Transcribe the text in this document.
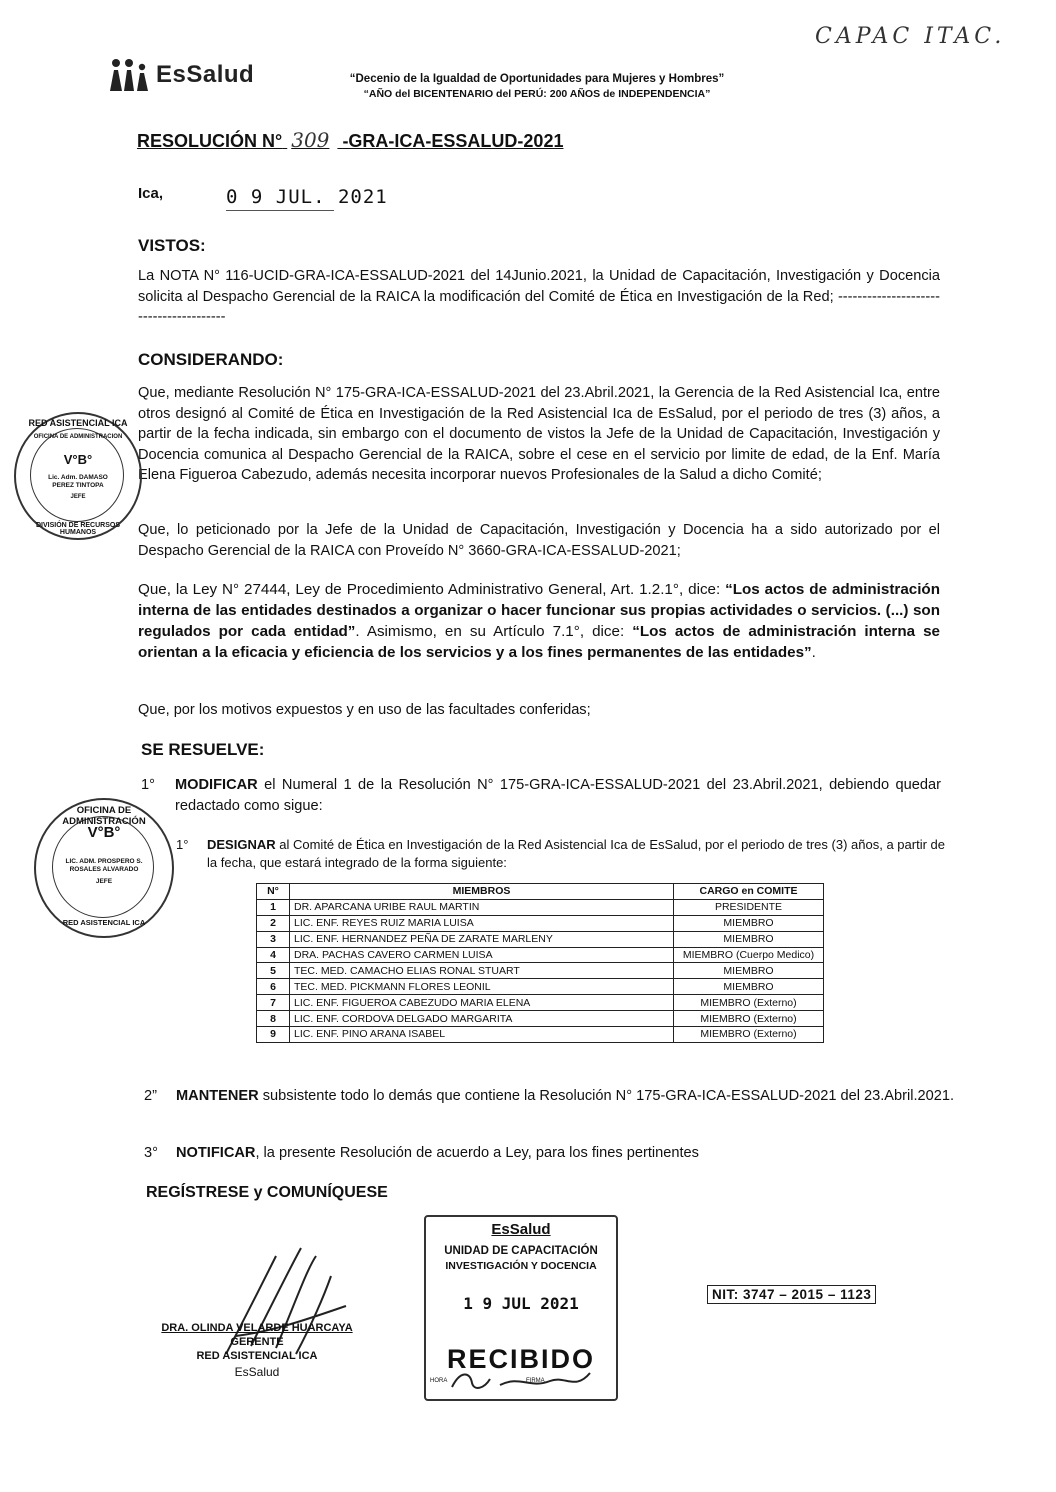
EsSalud	“Decenio de la Igualdad de Oportunidades para Mujeres y Hombres”
“AÑO del BICENTENARIO del PERÚ: 200 AÑOS de INDEPENDENCIA”
CAPAC ITAC.
RESOLUCIÓN N° 309 -GRA-ICA-ESSALUD-2021
Ica,	0 9 JUL. 2021
VISTOS:
La NOTA N° 116-UCID-GRA-ICA-ESSALUD-2021 del 14Junio.2021, la Unidad de Capacitación, Investigación y Docencia solicita al Despacho Gerencial de la RAICA la modificación del Comité de Ética en Investigación de la Red; ---------------------------------------
CONSIDERANDO:
Que, mediante Resolución N° 175-GRA-ICA-ESSALUD-2021 del 23.Abril.2021, la Gerencia de la Red Asistencial Ica, entre otros designó al Comité de Ética en Investigación de la Red Asistencial Ica de EsSalud, por el periodo de tres (3) años, a partir de la fecha indicada, sin embargo con el documento de vistos la Jefe de la Unidad de Capacitación, Investigación y Docencia comunica al Despacho Gerencial de la RAICA, sobre el cese en el servicio por limite de edad, de la Enf. María Elena Figueroa Cabezudo, además necesita incorporar nuevos Profesionales de la Salud a dicho Comité;
Que, lo peticionado por la Jefe de la Unidad de Capacitación, Investigación y Docencia ha a sido autorizado por el Despacho Gerencial de la RAICA con Proveído N° 3660-GRA-ICA-ESSALUD-2021;
Que, la Ley N° 27444, Ley de Procedimiento Administrativo General, Art. 1.2.1°, dice: “Los actos de administración interna de las entidades destinados a organizar o hacer funcionar sus propias actividades o servicios. (...) son regulados por cada entidad”. Asimismo, en su Artículo 7.1°, dice: “Los actos de administración interna se orientan a la eficacia y eficiencia de los servicios y a los fines permanentes de las entidades”.
Que, por los motivos expuestos y en uso de las facultades conferidas;
SE RESUELVE:
1°	MODIFICAR el Numeral 1 de la Resolución N° 175-GRA-ICA-ESSALUD-2021 del 23.Abril.2021, debiendo quedar redactado como sigue:
1°	DESIGNAR al Comité de Ética en Investigación de la Red Asistencial Ica de EsSalud, por el periodo de tres (3) años, a partir de la fecha, que estará integrado de la forma siguiente:
N°	MIEMBROS	CARGO en COMITE
1	DR. APARCANA URIBE RAUL MARTIN	PRESIDENTE
2	LIC. ENF. REYES RUIZ MARIA LUISA	MIEMBRO
3	LIC. ENF. HERNANDEZ PEÑA DE ZARATE MARLENY	MIEMBRO
4	DRA. PACHAS CAVERO CARMEN LUISA	MIEMBRO (Cuerpo Medico)
5	TEC. MED. CAMACHO ELIAS RONAL STUART	MIEMBRO
6	TEC. MED. PICKMANN FLORES LEONIL	MIEMBRO
7	LIC. ENF. FIGUEROA CABEZUDO MARIA ELENA	MIEMBRO (Externo)
8	LIC. ENF. CORDOVA DELGADO MARGARITA	MIEMBRO (Externo)
9	LIC. ENF. PINO ARANA ISABEL	MIEMBRO (Externo)
2”	MANTENER subsistente todo lo demás que contiene la Resolución N° 175-GRA-ICA-ESSALUD-2021 del 23.Abril.2021.
3°	NOTIFICAR, la presente Resolución de acuerdo a Ley, para los fines pertinentes
REGÍSTRESE y COMUNÍQUESE
RED ASISTENCIAL ICA
OFICINA DE ADMINISTRACION
V°B°
Lic. Adm. DAMASO PEREZ TINTOPA
JEFE
DIVISIÓN DE RECURSOS HUMANOS
OFICINA DE ADMINISTRACIÓN
V°B°
LIC. ADM. PROSPERO S. ROSALES ALVARADO
JEFE
RED ASISTENCIAL ICA
DRA. OLINDA VELARDE HUARCAYA
GERENTE
RED ASISTENCIAL ICA
EsSalud
EsSalud
UNIDAD DE CAPACITACIÓN
INVESTIGACIÓN Y DOCENCIA
1 9 JUL 2021
RECIBIDO
HORA	FIRMA
NIT: 3747 – 2015 – 1123
